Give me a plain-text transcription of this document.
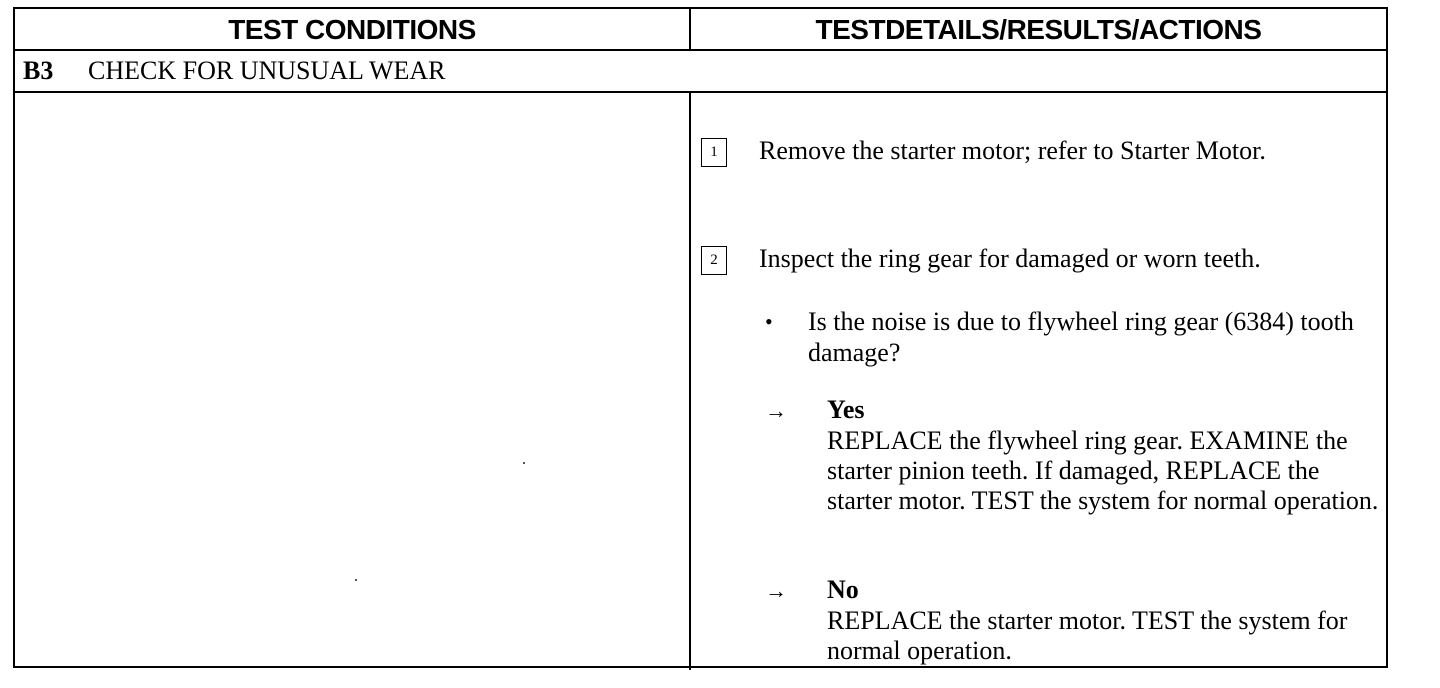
TEST CONDITIONS	TESTDETAILS/RESULTS/ACTIONS
B3 CHECK FOR UNUSUAL WEAR
1	Remove the starter motor; refer to Starter Motor.
2	Inspect the ring gear for damaged or worn teeth.
• Is the noise is due to flywheel ring gear (6384) tooth damage?
→ Yes
REPLACE the flywheel ring gear. EXAMINE the starter pinion teeth. If damaged, REPLACE the starter motor. TEST the system for normal operation.
→ No
REPLACE the starter motor. TEST the system for normal operation.
